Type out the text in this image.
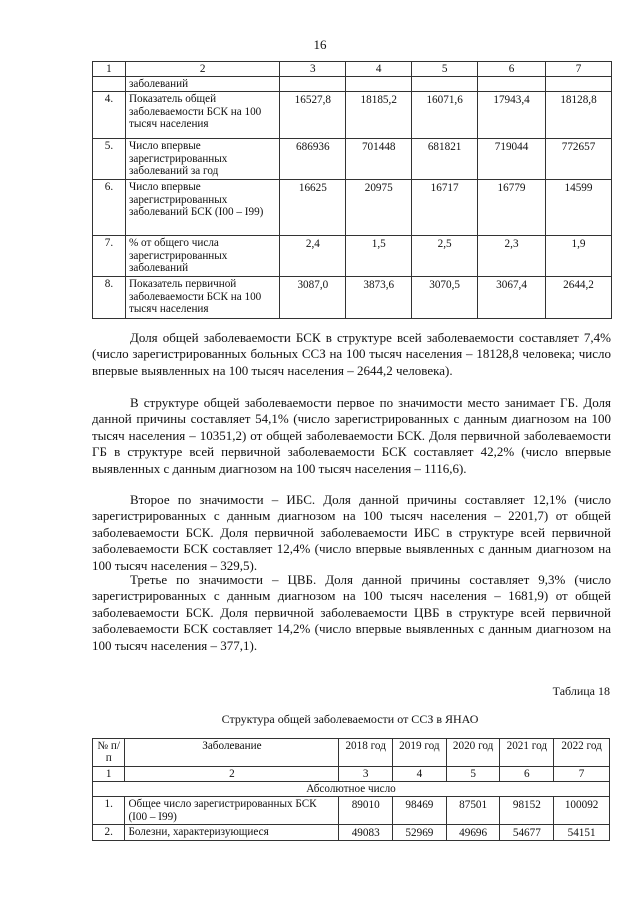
16
1	2	3	4	5	6	7
	заболеваний					
4.	Показатель общей заболеваемости БСК на 100 тысяч населения	16527,8	18185,2	16071,6	17943,4	18128,8
5.	Число впервые зарегистрированных заболеваний за год	686936	701448	681821	719044	772657
6.	Число впервые зарегистрированных заболеваний БСК (I00 – I99)	16625	20975	16717	16779	14599
7.	% от общего числа зарегистрированных заболеваний	2,4	1,5	2,5	2,3	1,9
8.	Показатель первичной заболеваемости БСК на 100 тысяч населения	3087,0	3873,6	3070,5	3067,4	2644,2

Доля общей заболеваемости БСК в структуре всей заболеваемости составляет 7,4% (число зарегистрированных больных ССЗ на 100 тысяч населения – 18128,8 человека; число впервые выявленных на 100 тысяч населения – 2644,2 человека).

В структуре общей заболеваемости первое по значимости место занимает ГБ. Доля данной причины составляет 54,1% (число зарегистрированных с данным диагнозом на 100 тысяч населения – 10351,2) от общей заболеваемости БСК. Доля первичной заболеваемости ГБ в структуре всей первичной заболеваемости БСК составляет 42,2% (число впервые выявленных с данным диагнозом на 100 тысяч населения – 1116,6).

Второе по значимости – ИБС. Доля данной причины составляет 12,1% (число зарегистрированных с данным диагнозом на 100 тысяч населения – 2201,7) от общей заболеваемости БСК. Доля первичной заболеваемости ИБС в структуре всей первичной заболеваемости БСК составляет 12,4% (число впервые выявленных с данным диагнозом на 100 тысяч населения – 329,5).

Третье по значимости – ЦВБ. Доля данной причины составляет 9,3% (число зарегистрированных с данным диагнозом на 100 тысяч населения – 1681,9) от общей заболеваемости БСК. Доля первичной заболеваемости ЦВБ в структуре всей первичной заболеваемости БСК составляет 14,2% (число впервые выявленных с данным диагнозом на 100 тысяч населения – 377,1).

Таблица 18
Структура общей заболеваемости от ССЗ в ЯНАО
№ п/п	Заболевание	2018 год	2019 год	2020 год	2021 год	2022 год
1	2	3	4	5	6	7
Абсолютное число						
1.	Общее число зарегистрированных БСК (I00 – I99)	89010	98469	87501	98152	100092
2.	Болезни, характеризующиеся	49083	52969	49696	54677	54151
